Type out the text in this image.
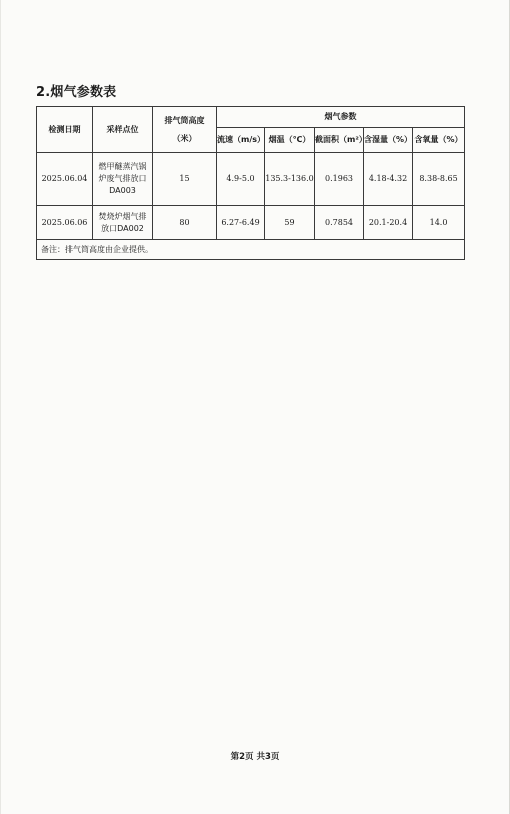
2.烟气参数表
检测日期	采样点位	排气筒高度
（米）	烟气参数				
			流速（m/s）	烟温（℃）	截面积（m²）	含湿量（%）	含氧量（%）
2025.06.04	燃甲醚蒸汽锅
炉废气排放口
DA003	15	4.9-5.0	135.3-136.0	0.1963	4.18-4.32	8.38-8.65
2025.06.06	焚烧炉烟气排
放口DA002	80	6.27-6.49	59	0.7854	20.1-20.4	14.0
备注：排气筒高度由企业提供。							
第2页 共3页
